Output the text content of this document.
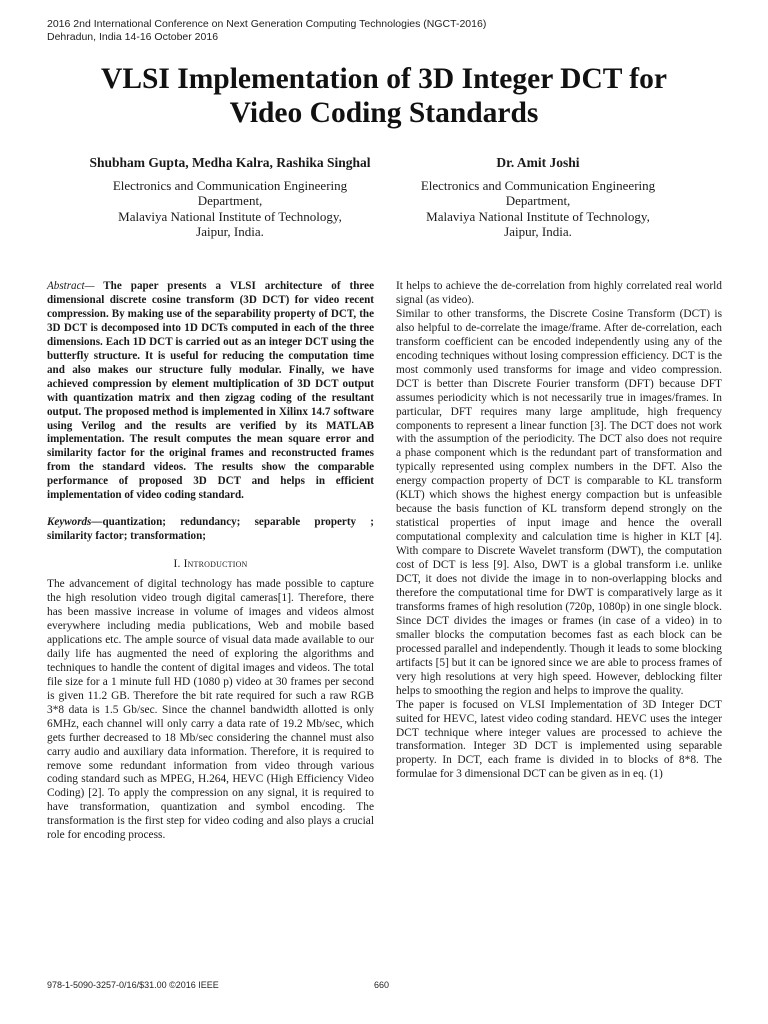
2016 2nd International Conference on Next Generation Computing Technologies (NGCT-2016)
Dehradun, India 14-16 October 2016
VLSI Implementation of 3D Integer DCT for
Video Coding Standards
Shubham Gupta, Medha Kalra, Rashika Singhal
Electronics and Communication Engineering
Department,
Malaviya National Institute of Technology,
Jaipur, India.
Dr. Amit Joshi
Electronics and Communication Engineering
Department,
Malaviya National Institute of Technology,
Jaipur, India.

Abstract— The paper presents a VLSI architecture of three dimensional discrete cosine transform (3D DCT) for video recent compression. By making use of the separability property of DCT, the 3D DCT is decomposed into 1D DCTs computed in each of the three dimensions. Each 1D DCT is carried out as an integer DCT using the butterfly structure. It is useful for reducing the computation time and also makes our structure fully modular. Finally, we have achieved compression by element multiplication of 3D DCT output with quantization matrix and then zigzag coding of the resultant output. The proposed method is implemented in Xilinx 14.7 software using Verilog and the results are verified by its MATLAB implementation. The result computes the mean square error and similarity factor for the original frames and reconstructed frames from the standard videos. The results show the comparable performance of proposed 3D DCT and helps in efficient implementation of video coding standard.

Keywords—quantization; redundancy; separable property ; similarity factor; transformation;

I. Introduction

The advancement of digital technology has made possible to capture the high resolution video trough digital cameras[1]. Therefore, there has been massive increase in volume of images and videos almost everywhere including media publications, Web and mobile based applications etc. The ample source of visual data made available to our daily life has augmented the need of exploring the algorithms and techniques to handle the content of digital images and videos. The total file size for a 1 minute full HD (1080 p) video at 30 frames per second is given 11.2 GB. Therefore the bit rate required for such a raw RGB 3*8 data is 1.5 Gb/sec. Since the channel bandwidth allotted is only 6MHz, each channel will only carry a data rate of 19.2 Mb/sec, which gets further decreased to 18 Mb/sec considering the channel must also carry audio and auxiliary data information. Therefore, it is required to remove some redundant information from video through various coding standard such as MPEG, H.264, HEVC (High Efficiency Video Coding) [2]. To apply the compression on any signal, it is required to have transformation, quantization and symbol encoding. The transformation is the first step for video coding and also plays a crucial role for encoding process.

It helps to achieve the de-correlation from highly correlated real world signal (as video).

Similar to other transforms, the Discrete Cosine Transform (DCT) is also helpful to de-correlate the image/frame. After de-correlation, each transform coefficient can be encoded independently using any of the encoding techniques without losing compression efficiency. DCT is the most commonly used transforms for image and video compression. DCT is better than Discrete Fourier transform (DFT) because DFT assumes periodicity which is not necessarily true in images/frames. In particular, DFT requires many large amplitude, high frequency components to represent a linear function [3]. The DCT does not work with the assumption of the periodicity. The DCT also does not require a phase component which is the redundant part of transformation and typically represented using complex numbers in the DFT. Also the energy compaction property of DCT is comparable to KL transform (KLT) which shows the highest energy compaction but is unfeasible because the basis function of KL transform depend strongly on the statistical properties of input image and hence the overall computational complexity and calculation time is higher in KLT [4]. With compare to Discrete Wavelet transform (DWT), the computation cost of DCT is less [9]. Also, DWT is a global transform i.e. unlike DCT, it does not divide the image in to non-overlapping blocks and therefore the computational time for DWT is comparatively large as it transforms frames of high resolution (720p, 1080p) in one single block. Since DCT divides the images or frames (in case of a video) in to smaller blocks the computation becomes fast as each block can be processed parallel and independently. Though it leads to some blocking artifacts [5] but it can be ignored since we are able to process frames of very high resolutions at very high speed. However, deblocking filter helps to smoothing the region and helps to improve the quality.

The paper is focused on VLSI Implementation of 3D Integer DCT suited for HEVC, latest video coding standard. HEVC uses the integer DCT technique where integer values are processed to achieve the transformation. Integer 3D DCT is implemented using separable property. In DCT, each frame is divided in to blocks of 8*8. The formulae for 3 dimensional DCT can be given as in eq. (1)

978-1-5090-3257-0/16/$31.00 ©2016 IEEE	660
